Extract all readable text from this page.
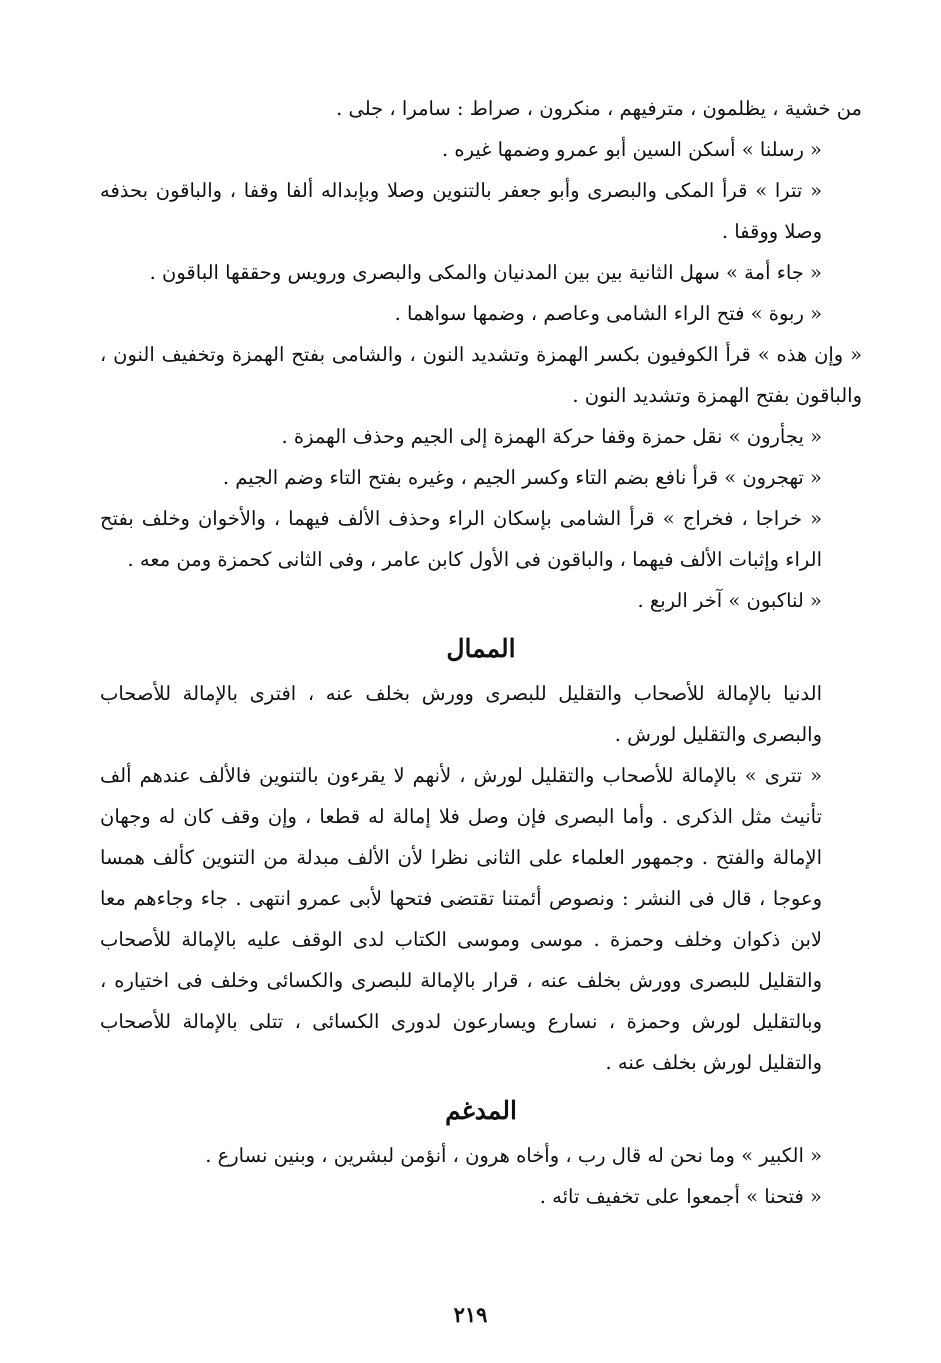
من خشية ، يظلمون ، مترفيهم ، منكرون ، صراط : سامرا ، جلى .

« رسلنا » أسكن السين أبو عمرو وضمها غيره .

« تترا » قرأ المكى والبصرى وأبو جعفر بالتنوين وصلا وبإبداله ألفا وقفا ، والباقون بحذفه وصلا ووقفا .

« جاء أمة » سهل الثانية بين بين المدنيان والمكى والبصرى ورويس وحققها الباقون .

« ربوة » فتح الراء الشامى وعاصم ، وضمها سواهما .

« وإن هذه » قرأ الكوفيون بكسر الهمزة وتشديد النون ، والشامى بفتح الهمزة وتخفيف النون ، والباقون بفتح الهمزة وتشديد النون .

« يجأرون » نقل حمزة وقفا حركة الهمزة إلى الجيم وحذف الهمزة .

« تهجرون » قرأ نافع بضم التاء وكسر الجيم ، وغيره بفتح التاء وضم الجيم .

« خراجا ، فخراج » قرأ الشامى بإسكان الراء وحذف الألف فيهما ، والأخوان وخلف بفتح الراء وإثبات الألف فيهما ، والباقون فى الأول كابن عامر ، وفى الثانى كحمزة ومن معه .

« لناكبون » آخر الربع .

الممال

الدنيا بالإمالة للأصحاب والتقليل للبصرى وورش بخلف عنه ، افترى بالإمالة للأصحاب والبصرى والتقليل لورش .

« تترى » بالإمالة للأصحاب والتقليل لورش ، لأنهم لا يقرءون بالتنوين فالألف عندهم ألف تأنيث مثل الذكرى . وأما البصرى فإن وصل فلا إمالة له قطعا ، وإن وقف كان له وجهان الإمالة والفتح . وجمهور العلماء على الثانى نظرا لأن الألف مبدلة من التنوين كألف همسا وعوجا ، قال فى النشر : ونصوص أئمتنا تقتضى فتحها لأبى عمرو انتهى . جاء وجاءهم معا لابن ذكوان وخلف وحمزة . موسى وموسى الكتاب لدى الوقف عليه بالإمالة للأصحاب والتقليل للبصرى وورش بخلف عنه ، قرار بالإمالة للبصرى والكسائى وخلف فى اختياره ، وبالتقليل لورش وحمزة ، نسارع ويسارعون لدورى الكسائى ، تتلى بالإمالة للأصحاب والتقليل لورش بخلف عنه .

المدغم

« الكبير » وما نحن له قال رب ، وأخاه هرون ، أنؤمن لبشرين ، وبنين نسارع .

« فتحنا » أجمعوا على تخفيف تائه .

٢١٩
